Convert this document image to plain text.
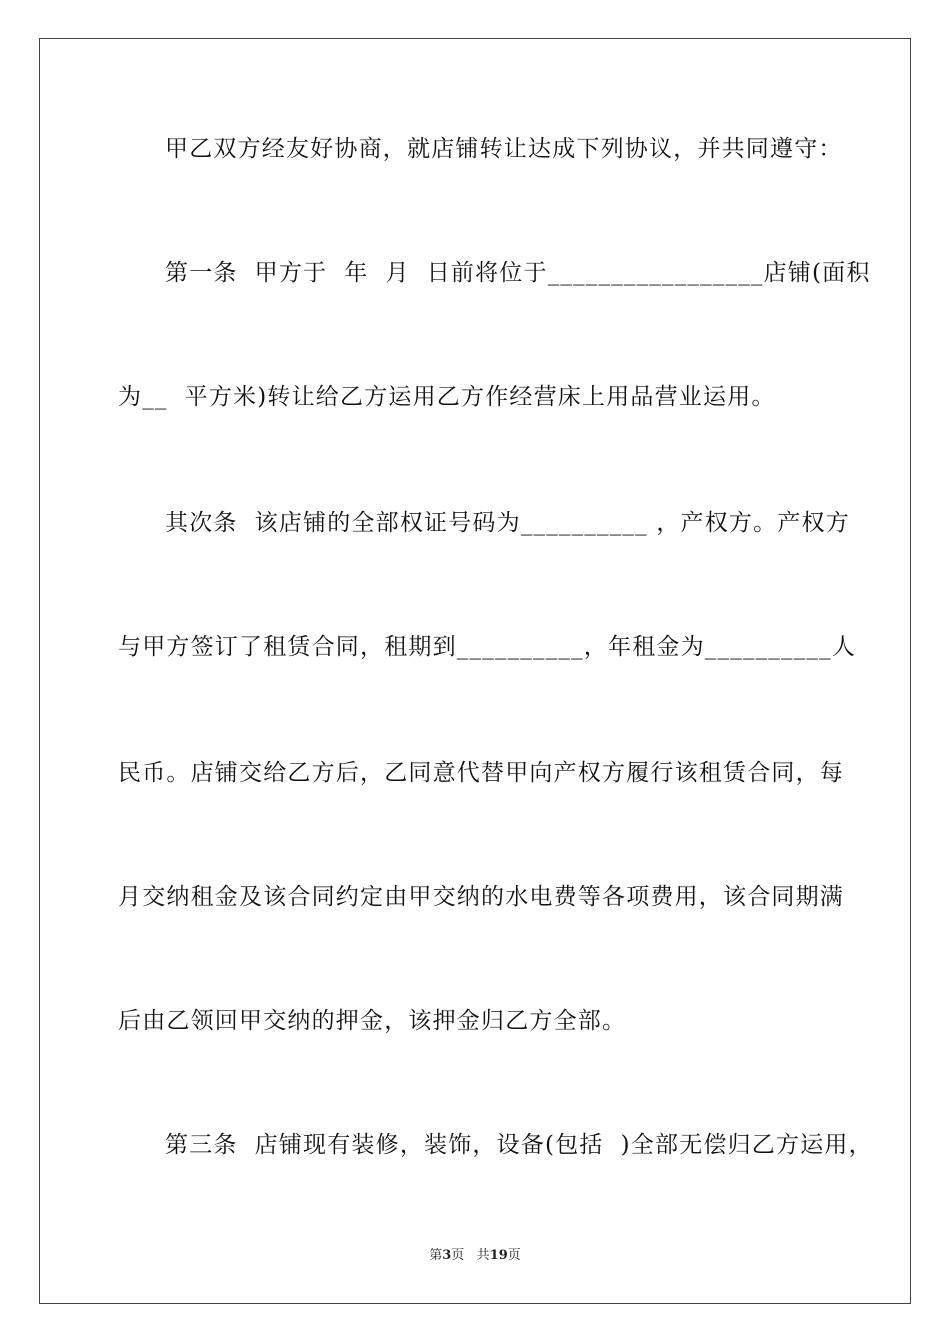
甲乙双方经友好协商，就店铺转让达成下列协议，并共同遵守：
第一条  甲方于  年  月  日前将位于_________________店铺(面积
为__  平方米)转让给乙方运用乙方作经营床上用品营业运用。
其次条  该店铺的全部权证号码为__________ ，产权方。产权方
与甲方签订了租赁合同，租期到__________，年租金为__________人
民币。店铺交给乙方后，乙同意代替甲向产权方履行该租赁合同，每
月交纳租金及该合同约定由甲交纳的水电费等各项费用，该合同期满
后由乙领回甲交纳的押金，该押金归乙方全部。
第三条  店铺现有装修，装饰，设备(包括  )全部无偿归乙方运用，
第3页 共19页
